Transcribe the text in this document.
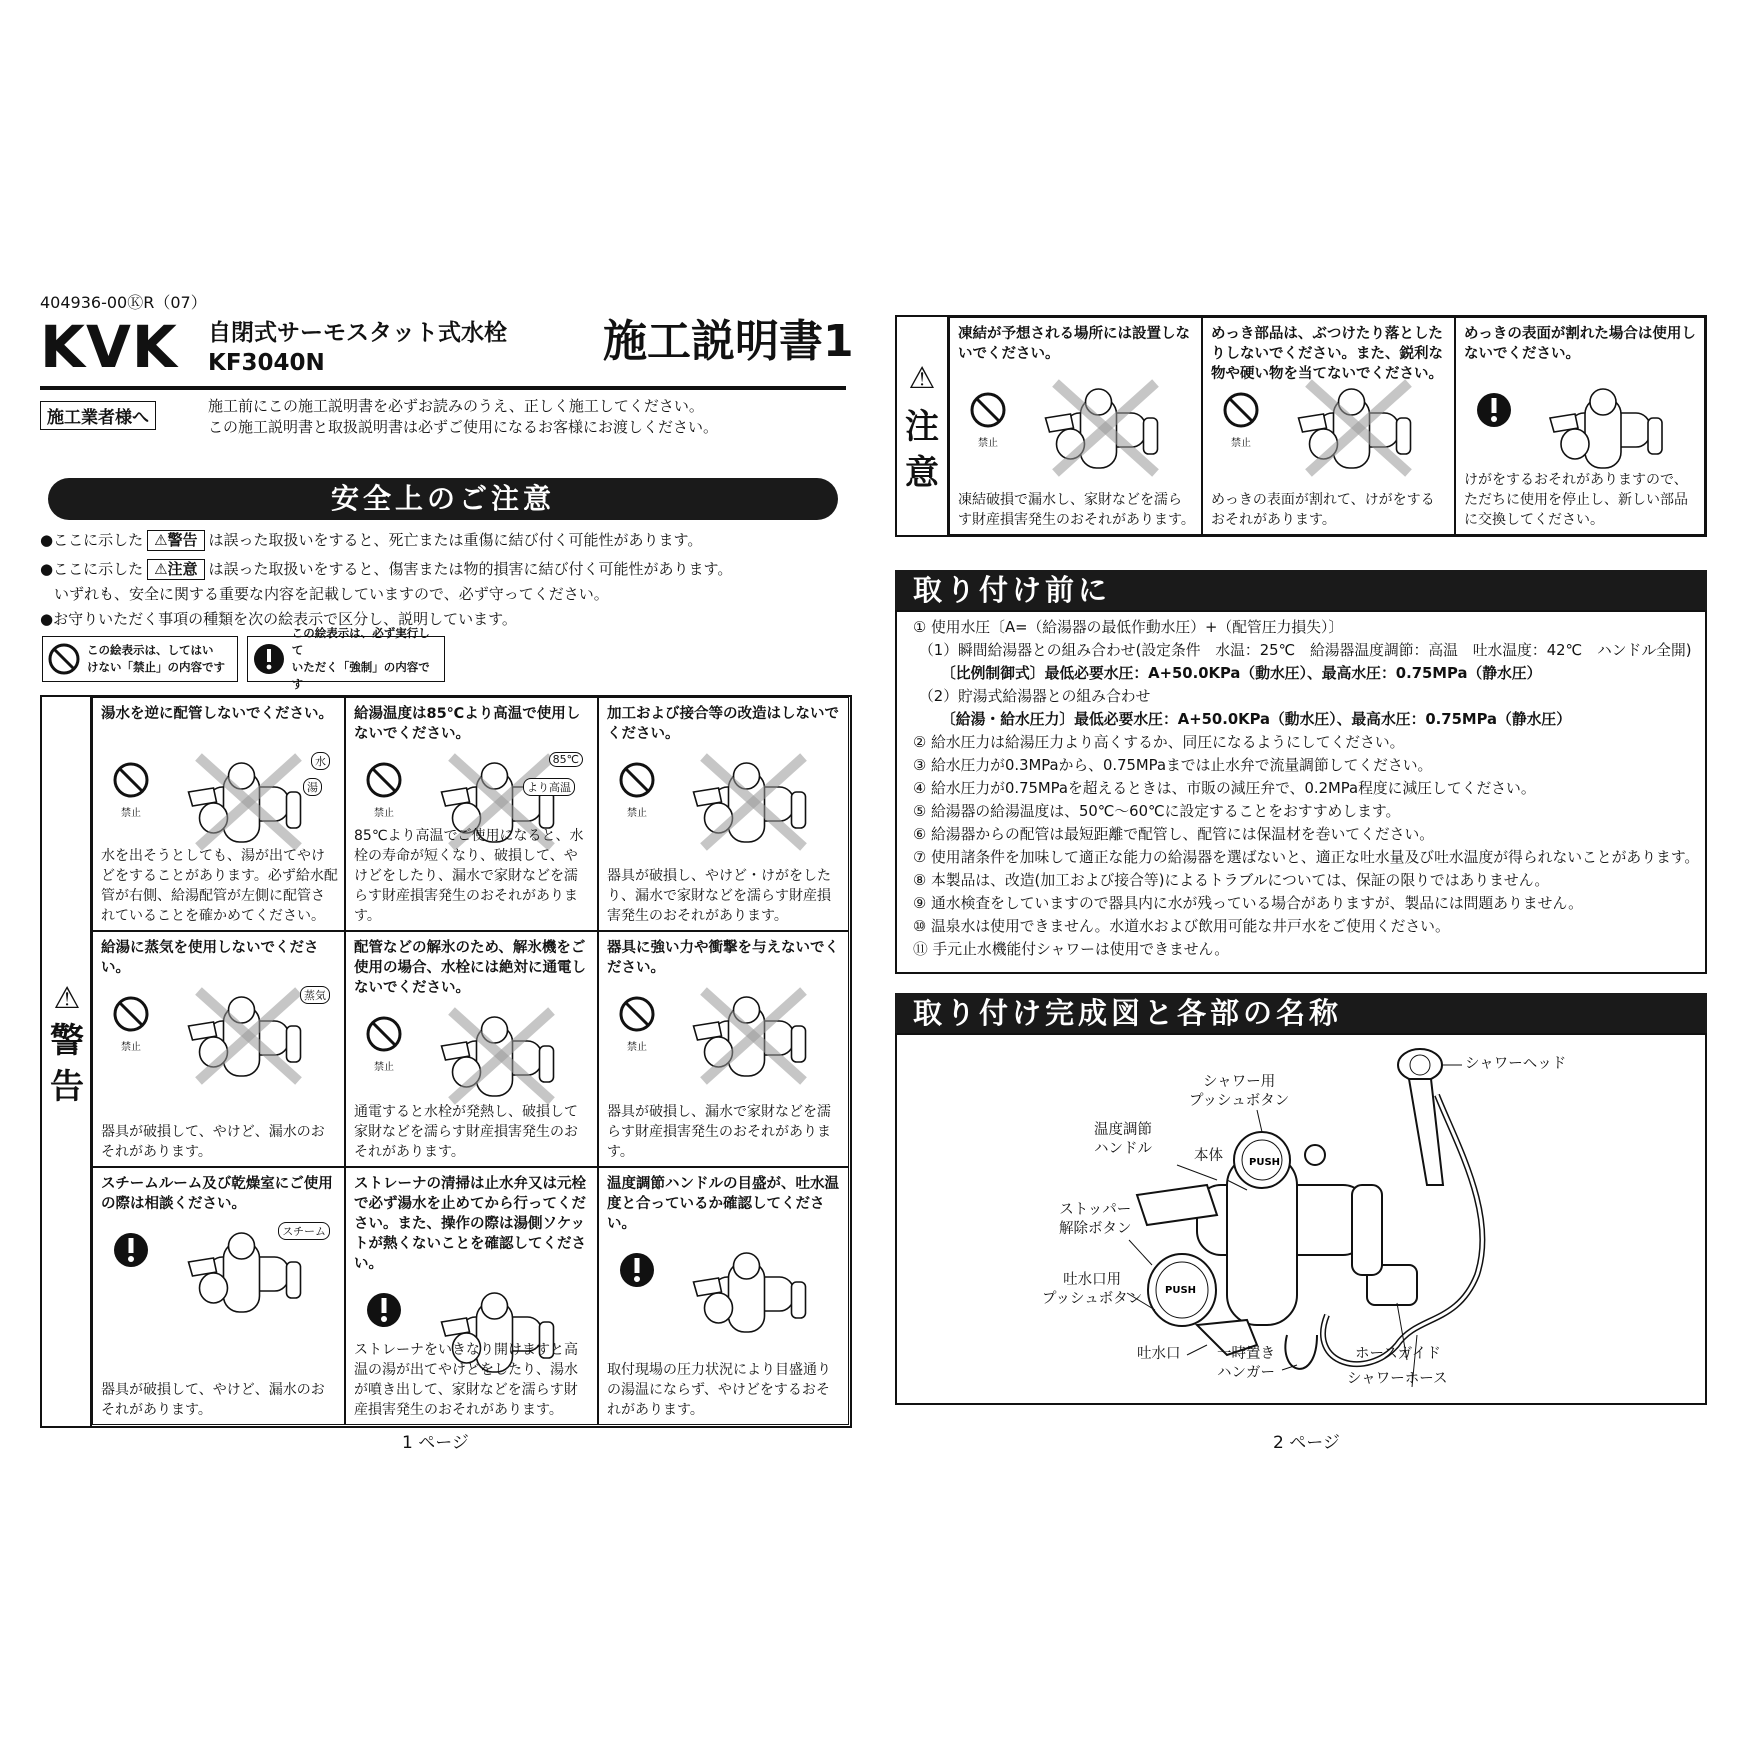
404936-00ⓀR（07）
KVK 自閉式サーモスタット式水栓
KF3040N	施工説明書1
施工業者様へ
施工前にこの施工説明書を必ずお読みのうえ、正しく施工してください。
この施工説明書と取扱説明書は必ずご使用になるお客様にお渡しください。
安全上のご注意
●ここに示した ⚠警告 は誤った取扱いをすると、死亡または重傷に結び付く可能性があります。
●ここに示した ⚠注意 は誤った取扱いをすると、傷害または物的損害に結び付く可能性があります。
いずれも、安全に関する重要な内容を記載していますので、必ず守ってください。
●お守りいただく事項の種類を次の絵表示で区分し、説明しています。
この絵表示は、してはい
けない「禁止」の内容です
この絵表示は、必ず実行して
いただく「強制」の内容です
⚠
警
告
湯水を逆に配管しないでください。
禁止
水
湯
水を出そうとしても、湯が出てやけどをすることがあります。必ず給水配管が右側、給湯配管が左側に配管されていることを確かめてください。
給湯温度は85℃より高温で使用しないでください。
禁止
85℃
より高温
85℃より高温でご使用になると、水栓の寿命が短くなり、破損して、やけどをしたり、漏水で家財などを濡らす財産損害発生のおそれがあります。
加工および接合等の改造はしないでください。
禁止
器具が破損し、やけど・けがをしたり、漏水で家財などを濡らす財産損害発生のおそれがあります。
給湯に蒸気を使用しないでください。
禁止
蒸気
器具が破損して、やけど、漏水のおそれがあります。
配管などの解氷のため、解氷機をご使用の場合、水栓には絶対に通電しないでください。
禁止
通電すると水栓が発熱し、破損して家財などを濡らす財産損害発生のおそれがあります。
器具に強い力や衝撃を与えないでください。
禁止
器具が破損し、漏水で家財などを濡らす財産損害発生のおそれがあります。
スチームルーム及び乾燥室にご使用の際は相談ください。
スチーム
器具が破損して、やけど、漏水のおそれがあります。
ストレーナの清掃は止水弁又は元栓で必ず湯水を止めてから行ってください。また、操作の際は湯側ソケットが熱くないことを確認してください。
ストレーナをいきなり開けますと高温の湯が出てやけどをしたり、湯水が噴き出して、家財などを濡らす財産損害発生のおそれがあります。
温度調節ハンドルの目盛が、吐水温度と合っているか確認してください。
取付現場の圧力状況により目盛通りの湯温にならず、やけどをするおそれがあります。
1 ページ
⚠
注
意
凍結が予想される場所には設置しないでください。
禁止
凍結破損で漏水し、家財などを濡らす財産損害発生のおそれがあります。
めっき部品は、ぶつけたり落としたりしないでください。また、鋭利な物や硬い物を当てないでください。
禁止
めっきの表面が割れて、けがをするおそれがあります。
めっきの表面が割れた場合は使用しないでください。
けがをするおそれがありますので、ただちに使用を停止し、新しい部品に交換してください。
取り付け前に
① 使用水圧〔A=（給湯器の最低作動水圧）+（配管圧力損失）〕
（1）瞬間給湯器との組み合わせ(設定条件　水温：25℃　給湯器温度調節：高温　吐水温度：42℃　ハンドル全開)
〔比例制御式〕最低必要水圧：A+50.0KPa（動水圧）、最高水圧：0.75MPa（静水圧）
（2）貯湯式給湯器との組み合わせ
〔給湯・給水圧力〕最低必要水圧：A+50.0KPa（動水圧）、最高水圧：0.75MPa（静水圧）
② 給水圧力は給湯圧力より高くするか、同圧になるようにしてください。
③ 給水圧力が0.3MPaから、0.75MPaまでは止水弁で流量調節してください。
④ 給水圧力が0.75MPaを超えるときは、市販の減圧弁で、0.2MPa程度に減圧してください。
⑤ 給湯器の給湯温度は、50℃〜60℃に設定することをおすすめします。
⑥ 給湯器からの配管は最短距離で配管し、配管には保温材を巻いてください。
⑦ 使用諸条件を加味して適正な能力の給湯器を選ばないと、適正な吐水量及び吐水温度が得られないことがあります。
⑧ 本製品は、改造(加工および接合等)によるトラブルについては、保証の限りではありません。
⑨ 通水検査をしていますので器具内に水が残っている場合がありますが、製品には問題ありません。
⑩ 温泉水は使用できません。水道水および飲用可能な井戸水をご使用ください。
⑪ 手元止水機能付シャワーは使用できません。
取り付け完成図と各部の名称
PUSH
PUSH
シャワーヘッド
シャワー用
プッシュボタン
温度調節
ハンドル	本体
ストッパー
解除ボタン
吐水口用
プッシュボタン
吐水口	一時置き
ハンガー
ホースガイド
シャワーホース
2 ページ
